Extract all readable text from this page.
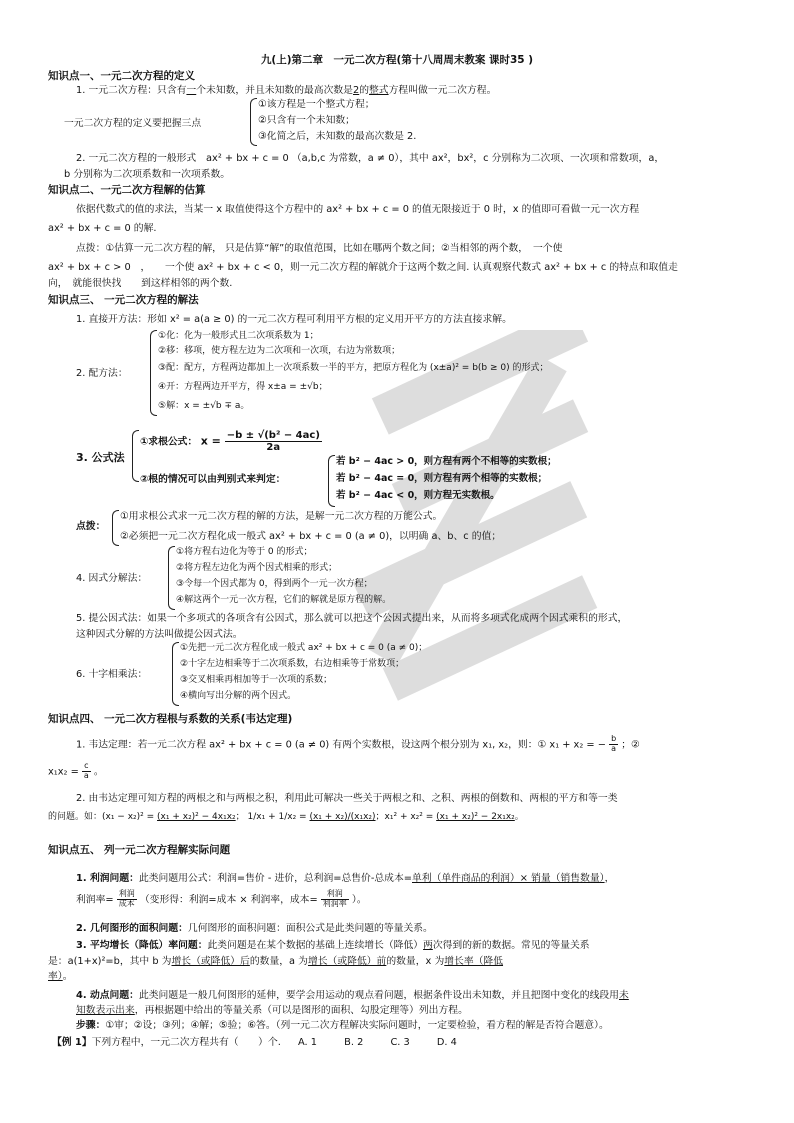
九(上)第二章　一元二次方程(第十八周周末教案 课时35 )
知识点一、一元二次方程的定义
1. 一元二次方程：只含有一个未知数，并且未知数的最高次数是2的整式方程叫做一元二次方程。
一元二次方程的定义要把握三点
①该方程是一个整式方程；
②只含有一个未知数；
③化简之后，未知数的最高次数是 2.
2. 一元二次方程的一般形式　ax² + bx + c = 0 （a,b,c 为常数，a ≠ 0），其中 ax²，bx²，c 分别称为二次项、一次项和常数项，a，
b 分别称为二次项系数和一次项系数。
知识点二、一元二次方程解的估算
依据代数式的值的求法，当某一 x 取值使得这个方程中的 ax² + bx + c = 0 的值无限接近于 0 时，x 的值即可看做一元一次方程
ax² + bx + c = 0 的解.
点拨：①估算一元二次方程的解， 只是估算“解”的取值范围，比如在哪两个数之间；②当相邻的两个数，　一个使
ax² + bx + c > 0　，　　一个使 ax² + bx + c < 0，则一元二次方程的解就介于这两个数之间. 认真观察代数式 ax² + bx + c 的特点和取值走
向，　就能很快找　　到这样相邻的两个数.
知识点三、 一元二次方程的解法
1. 直接开方法：形如 x² = a(a ≥ 0) 的一元二次方程可利用平方根的定义用开平方的方法直接求解。
2. 配方法：
①化：化为一般形式且二次项系数为 1；
②移：移项，使方程左边为二次项和一次项，右边为常数项；
③配：配方，方程两边都加上一次项系数一半的平方，把原方程化为 (x±a)² = b(b ≥ 0) 的形式；
④开：方程两边开平方，得 x±a = ±√b；
⑤解：x = ±√b ∓ a。
3. 公式法
①求根公式： $x = \frac{\text{−b ± √(b² − 4ac)}}{2a}$
②根的情况可以由判别式来判定：
若 b² − 4ac > 0，则方程有两个不相等的实数根；
若 b² − 4ac = 0，则方程有两个相等的实数根；
若 b² − 4ac < 0，则方程无实数根。
点拨：
①用求根公式求一元二次方程的解的方法，是解一元二次方程的万能公式。
②必须把一元二次方程化成一般式 ax² + bx + c = 0 (a ≠ 0)，以明确 a、b、c 的值；
4. 因式分解法：
①将方程右边化为等于 0 的形式；
②将方程左边化为两个因式相乘的形式；
③令每一个因式都为 0，得到两个一元一次方程；
④解这两个一元一次方程，它们的解就是原方程的解。
5. 提公因式法：如果一个多项式的各项含有公因式，那么就可以把这个公因式提出来，从而将多项式化成两个因式乘积的形式，
这种因式分解的方法叫做提公因式法。
6. 十字相乘法：
①先把一元二次方程化成一般式 ax² + bx + c = 0 (a ≠ 0)；
②十字左边相乘等于二次项系数，右边相乘等于常数项；
③交叉相乘再相加等于一次项的系数；
④横向写出分解的两个因式。
知识点四、 一元二次方程根与系数的关系(韦达定理)
1. 韦达定理：若一元二次方程 ax² + bx + c = 0 (a ≠ 0) 有两个实数根，设这两个根分别为 x₁, x₂，则：① x₁ + x₂ = − $\frac{b}{a}$ ；②
$x_1x_2 = \frac{c}{a}$ 。
2. 由韦达定理可知方程的两根之和与两根之积，利用此可解决一些关于两根之和、之积、两根的倒数和、两根的平方和等一类
的问题。如：(x₁ − x₂)² = (x₁ + x₂)² − 4x₁x₂； 1/x₁ + 1/x₂ = (x₁ + x₂)/(x₁x₂)；x₁² + x₂² = (x₁ + x₂)² − 2x₁x₂。
知识点五、 列一元二次方程解实际问题
1. 利润问题：此类问题用公式：利润=售价 - 进价，总利润=总售价-总成本=单利（单件商品的利润）× 销量（销售数量），
利润率= $\frac{\text{利润}}{\text{成本}}$ （变形得：利润=成本 × 利润率，成本= $\frac{\text{利润}}{\text{利润率}}$ ）。
2. 几何图形的面积问题：几何图形的面积问题：面积公式是此类问题的等量关系。
3. 平均增长（降低）率问题：此类问题是在某个数据的基础上连续增长（降低）两次得到的新的数据。常见的等量关系
是：a(1+x)²=b，其中 b 为增长（或降低）后的数量，a 为增长（或降低）前的数量，x 为增长率（降低
率）。
4. 动点问题：此类问题是一般几何图形的延伸，要学会用运动的观点看问题，根据条件设出未知数，并且把图中变化的线段用未
知数表示出来，再根据题中给出的等量关系（可以是图形的面积、勾股定理等）列出方程。
步骤：①审；②设；③列；④解；⑤验；⑥答。（列一元二次方程解决实际问题时，一定要检验，看方程的解是否符合题意）。
【例 1】下列方程中，一元二次方程共有（　　）个. A. 1	B. 2	C. 3	D. 4
